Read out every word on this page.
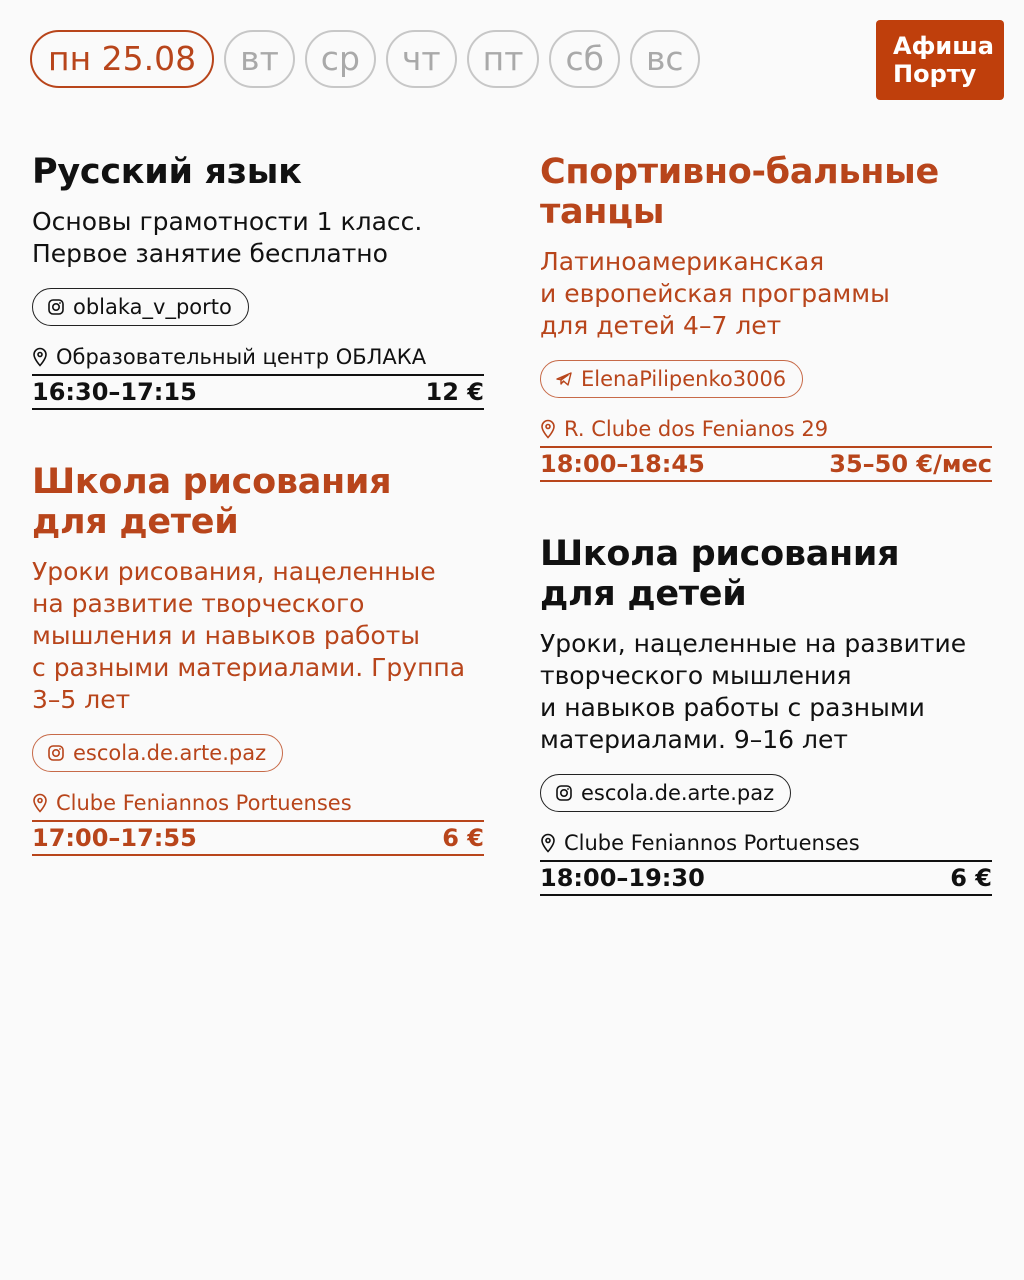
пн 25.08	вт	ср	чт	пт	сб	вс	Афиша
Порту
Русский язык
Основы грамотности 1 класс.
Первое занятие бесплатно
oblaka_v_porto
Образовательный центр ОБЛАКА
16:30–17:15	12 €
Спортивно-бальные
танцы
Латиноамериканская
и европейская программы
для детей 4–7 лет
ElenaPilipenko3006
R. Clube dos Fenianos 29
18:00–18:45	35–50 €/мес
Школа рисования
для детей
Уроки рисования, нацеленные
на развитие творческого
мышления и навыков работы
с разными материалами. Группа
3–5 лет
escola.de.arte.paz
Clube Feniannos Portuenses
17:00–17:55	6 €
Школа рисования
для детей
Уроки, нацеленные на развитие
творческого мышления
и навыков работы с разными
материалами. 9–16 лет
escola.de.arte.paz
Clube Feniannos Portuenses
18:00–19:30	6 €
